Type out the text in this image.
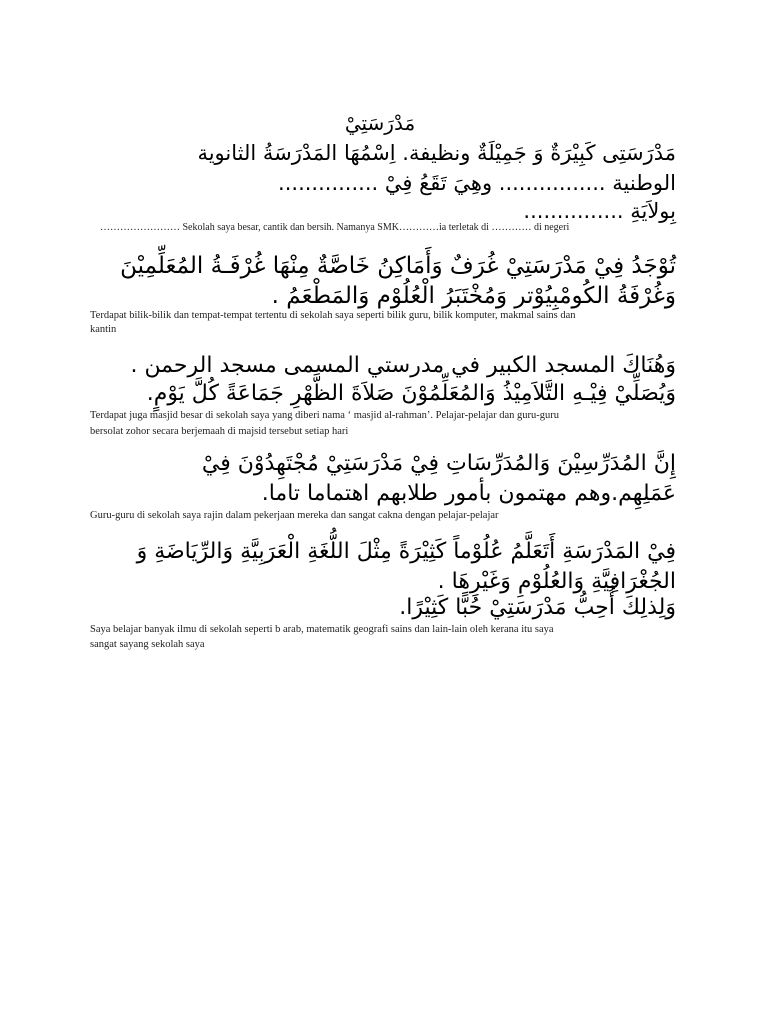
مَدْرَسَتِيْ
مَدْرَسَتِى كَبِيْرَةٌ وَ جَمِيْلَةٌ ونظيفة. اِسْمُهَا المَدْرَسَةُ الثانوية
الوطنية ................ وهِيَ تَقَعُ فِيْ ...............
بِولاَيَةِ ...............
…………………… Sekolah saya besar, cantik dan bersih. Namanya SMK…………ia terletak di ………… di negeri
تُوْجَدُ فِيْ مَدْرَسَتِيْ غُرَفٌ وَأَمَاكِنُ خَاصَّةٌ مِنْهَا غُرْفَـةُ المُعَلِّمِيْنَ
وَغُرْفَةُ الكُومْبِيُوْتر وَمُخْتَبَرُ الْعُلُوْم وَالمَطْعَمُ .
Terdapat bilik-bilik dan tempat-tempat tertentu di sekolah saya seperti bilik guru, bilik komputer, makmal sains dan
kantin
وَهُنَاكَ المسجد الكبير في مدرستي المسمى مسجد الرحمن .
وَيُصَلِّيْ فِيْـهِ التَّلاَمِيْذُ وَالمُعَلِّمُوْنَ صَلاَةَ الظَّهْرِ جَمَاعَةً كُلَّ يَوْمٍ.
Terdapat juga masjid besar di sekolah saya yang diberi nama ‘ masjid al-rahman’. Pelajar-pelajar dan guru-guru
bersolat zohor secara berjemaah di majsid tersebut setiap hari
إِنَّ المُدَرِّسِيْنَ وَالمُدَرِّسَاتِ فِيْ مَدْرَسَتِيْ مُجْتَهِدُوْنَ فِيْ
عَمَلِهِم.وهم مهتمون بأمور طلابهم اهتماما تاما.
Guru-guru di sekolah saya rajin dalam pekerjaan mereka dan sangat cakna dengan pelajar-pelajar
فِيْ المَدْرَسَةِ أَتَعَلَّمُ عُلُوْماً كَثِيْرَةً مِثْلَ اللُّغَةِ الْعَرَبِيَّةِ وَالرِّيَاضَةِ وَ
الجُغْرَافِيَّةِ وَالعُلُوْمِ وَغَيْرِهَا .
وَلِذلِكَ أُحِبُّ مَدْرَسَتِيْ حُبًّا كَثِيْرًا.
Saya belajar banyak ilmu di sekolah seperti b arab, matematik geografi sains dan lain-lain oleh kerana itu saya
sangat sayang sekolah saya
